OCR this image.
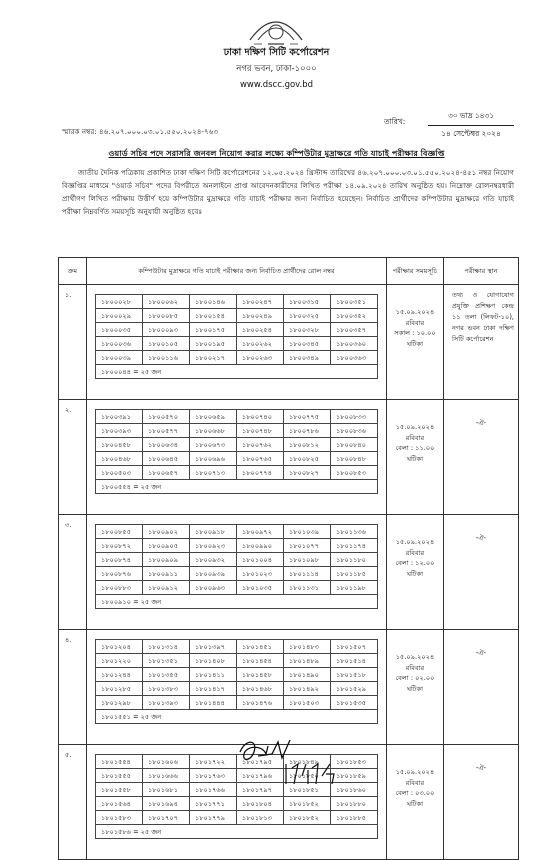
ঢাকা দক্ষিণ সিটি কর্পোরেশন
নগর ভবন, ঢাকা-১০০০
www.dscc.gov.bd
স্মারক নম্বর: ৪৬.২০৭.০০০.০৩.০১.৫৫০.২০২৪-৭৬৩
তারিখ:
৩০ ভাদ্র ১৪৩১
১৪ সেপ্টেম্বর ২০২৪
ওয়ার্ড সচিব পদে সরাসরি জনবল নিয়োগ করার লক্ষ্যে কম্পিউটার মুদ্রাক্ষরে গতি যাচাই পরীক্ষার বিজ্ঞপ্তি
জাতীয় দৈনিক পত্রিকায় প্রকাশিত ঢাকা দক্ষিণ সিটি কর্পোরেশনের ১২.০৫.২০২৪ খ্রিস্টাব্দ তারিখের ৪৬.২০৭.০০০.০৩.০১.৫৫০.২০২৪-৪৫১ নম্বর নিয়োগ বিজ্ঞপ্তির মাধ্যমে "ওয়ার্ড সচিব" পদের বিপরীতে অনলাইনে প্রাপ্ত আবেদনকারীদের লিখিত পরীক্ষা ১৪.০৯.২০২৪ তারিখ অনুষ্ঠিত হয়। নিম্নোক্ত রোলনম্বরধারী প্রার্থীগণ লিখিত পরীক্ষায় উত্তীর্ণ হয়ে কম্পিউটার মুদ্রাক্ষরে গতি যাচাই পরীক্ষার জন্য নির্বাচিত হয়েছেন। নির্বাচিত প্রার্থীদের কম্পিউটার মুদ্রাক্ষরে গতি যাচাই পরীক্ষা নিম্নবর্ণিত সময়সূচি অনুযায়ী অনুষ্ঠিত হবেঃ
ক্রম	কম্পিউটার মুদ্রাক্ষরে গতি যাচাই পরীক্ষার জন্য নির্বাচিত প্রার্থীদের রোল নম্বর	পরীক্ষার সময়সূচি	পরীক্ষার স্থান
১.	
১৮০০০২৮	১৮০০০৬২	১৮০০১৪৬	১৮০০২৪৭	১৮০০৩১৫	১৮০০৩৫১
১৮০০০২৯	১৮০০০৮৫	১৮০০১৫৪	১৮০০২৪৯	১৮০০৩২৫	১৮০০৩৫২
১৮০০০৩৫	১৮০০০৯৩	১৮০০১৭৫	১৮০০২৫৪	১৮০০৩২৮	১৮০০৩৫৭
১৮০০০৩৬	১৮০০১০৫	১৮০০১৯৫	১৮০০২৬২	১৮০০৩৪৫	১৮০০৩৬০
১৮০০০৩৯	১৮০০১১৬	১৮০০২১৭	১৮০০২৬৩	১৮০০৩৪৯	১৮০০৩৬৩
১৮০০০৪৪ = ২৫ জন

১৫.০৯.২০২৪
রবিবার
সকাল : ১০.০০
ঘটিকা
	তথ্য ও যোগাযোগ প্রযুক্তি প্রশিক্ষণ কেন্দ্র ১১ তলা (লিফট-১০), নগর ভবন ঢাকা দক্ষিণ সিটি কর্পোরেশন
২.	
১৮০০৩৯১	১৮০০৫৭০	১৮০০৬৫৯	১৮০০৭৪০	১৮০০৭৭৫	১৮০০৮৩৩
১৮০০৩৯৩	১৮০০৫৭৭	১৮০০৬৬৮	১৮০০৭৪৮	১৮০০৭৮৬	১৮০০৮৩৬
১৮০০৪৫৮	১৮০০৬৩৪	১৮০০৬৭৩	১৮০০৭৬২	১৮০০৮১২	১৮০০৮৪০
১৮০০৪৬৮	১৮০০৬৪৫	১৮০০৬৯৬	১৮০০৭৬৫	১৮০০৮২৫	১৮০০৮৪৮
১৮০০৫০৩	১৮০০৬৫৭	১৮০০৭১৩	১৮০০৭৭৪	১৮০০৮২৭	১৮০০৮৫৩
১৮০০৫৫৪ = ২৫ জন

১৫.০৯.২০২৪
রবিবার
বেলা : ১১.০০
ঘটিকা
	-ঐ-
৩.	
১৮০০৮৫৫	১৮০০৯০২	১৮০০৯১৮	১৮০০৯৭২	১৮০১০৩৯	১৮০১১৩৬
১৮০০৮৭২	১৮০০৯০৫	১৮০০৯২৩	১৮০০৯৯০	১৮০১০৭৭	১৮০১১৭৪
১৮০০৮৭৪	১৮০০৯০৯	১৮০০৯৩২	১৮০১০০৪	১৮০১০৯৮	১৮০১১৮০
১৮০০৮৭৬	১৮০০৯১১	১৮০০৯৩৯	১৮০১০২৩	১৮০১১১৪	১৮০১১৮৫
১৮০০৮৮৩	১৮০০৯১২	১৮০০৯৬৩	১৮০১০৩৫	১৮০১১৩১	১৮০১১৯৮
১৮০০৯১০ = ২৫ জন

১৫.০৯.২০২৪
রবিবার
বেলা : ১২.০০
ঘটিকা
	-ঐ-
৪.	
১৮০১২০৪	১৮০১৩১৪	১৮০১৩৯৭	১৮০১৪৫১	১৮০১৪৮৩	১৮০১৫০৭
১৮০১২২০	১৮০১৩৫১	১৮০১৪০৮	১৮০১৪৫৪	১৮০১৪৮৯	১৮০১৫১৪
১৮০১২৪৪	১৮০১৩৫৫	১৮০১৪১১	১৮০১৪৫৮	১৮০১৪৯০	১৮০১৫১৮
১৮০১২৮৫	১৮০১৩৮৩	১৮০১৪১৭	১৮০১৪৬৮	১৮০১৪৯২	১৮০১৫২৯
১৮০১২৯৮	১৮০১৩৯৩	১৮০১৪৪৪	১৮০১৪৭৬	১৮০১৫০৩	১৮০১৫৩৫
১৮০১৫৫১ = ২৫ জন

১৫.০৯.২০২৪
রবিবার
বেলা : ০২.০০
ঘটিকা
	-ঐ-
৫.	
১৮০১৫৫৪	১৮০১৬০৬	১৮০১৭২২	১৮০১৭৯৫	১৮০১৮৪৯	১৮০১৮৫৩
১৮০১৫৫৫	১৮০১৬৬৬	১৮০১৭৬৩	১৮০১৭৯৬	১৮০১৮৫০	১৮০১৮৫৯
১৮০১৫৫৮	১৮০১৬৮১	১৮০১৭৬৬	১৮০১৭৯৭	১৮০১৮৫১	১৮০১৮৬০
১৮০১৫৬৪	১৮০১৬৯৪	১৮০১৭৭১	১৮০১৮০৪	১৮০১৮৫২	১৮০১৮৮০
১৮০১৫৮৩	১৮০১৭০৭	১৮০১৭৭৯	১৮০১৮১৩	১৮০১৮৫২	১৮০১৮৮৫
১৮০১৫৮৬ = ২৫ জন

১৫.০৯.২০২৪
রবিবার
বেলা : ০৩.০০
ঘটিকা
	-ঐ-
